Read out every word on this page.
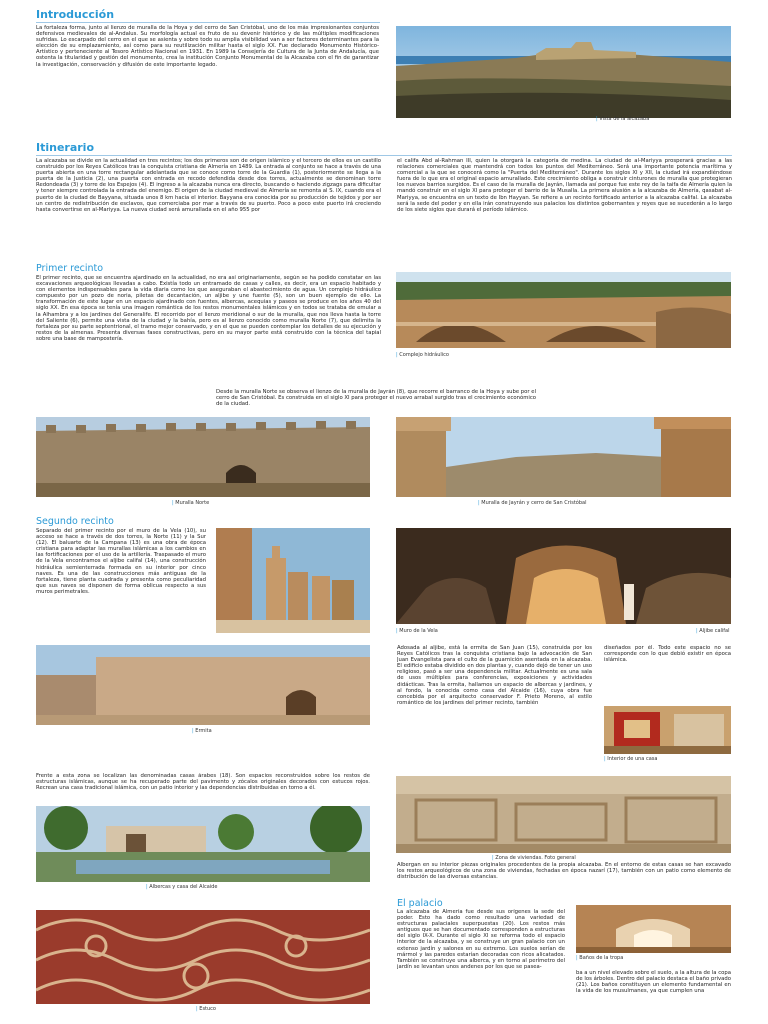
Introducción
La fortaleza forma, junto al lienzo de muralla de la Hoya y del cerro de San Cristóbal, uno de los más impresionantes conjuntos defensivos medievales de al-Andalus. Su morfología actual es fruto de su devenir histórico y de las múltiples modificaciones sufridas. Lo escarpado del cerro en el que se asienta y sobre todo su amplia visibilidad van a ser factores determinantes para la elección de su emplazamiento, así como para su reutilización militar hasta el siglo XX. Fue declarado Monumento Histórico-Artístico y perteneciente al Tesoro Artístico Nacional en 1931. En 1989 la Consejería de Cultura de la Junta de Andalucía, que ostenta la titularidad y gestión del monumento, crea la institución Conjunto Monumental de la Alcazaba con el fin de garantizar la investigación, conservación y difusión de este importante legado.
| Vista de la alcazaba
Itinerario
La alcazaba se divide en la actualidad en tres recintos; los dos primeros son de origen islámico y el tercero de ellos es un castillo construido por los Reyes Católicos tras la conquista cristiana de Almería en 1489. La entrada al conjunto se hace a través de una puerta abierta en una torre rectangular adelantada que se conoce como torre de la Guardia (1), posteriormente se llega a la puerta de la Justicia (2), una puerta con entrada en recodo defendida desde dos torres, actualmente se denominan torre Redondeada (3) y torre de los Espejos (4). El ingreso a la alcazaba nunca era directo, buscando o haciendo zigzags para dificultar y tener siempre controlada la entrada del enemigo. El origen de la ciudad medieval de Almería se remonta al S. IX, cuando era el puerto de la ciudad de Bayyana, situada unos 8 km hacia el interior. Bayyana era conocida por su producción de tejidos y por ser un centro de redistribución de esclavos, que comerciaba por mar a través de su puerto. Poco a poco este puerto irá creciendo hasta convertirse en al-Mariyya. La nueva ciudad será amurallada en el año 955 por
el califa Abd al-Rahman III, quien la otorgará la categoría de medina. La ciudad de al-Mariyya prosperará gracias a las relaciones comerciales que mantendrá con todos los puntos del Mediterráneo. Será una importante potencia marítima y comercial a la que se conocerá como la "Puerta del Mediterráneo". Durante los siglos XI y XII, la ciudad irá expandiéndose fuera de lo que era el original espacio amurallado. Este crecimiento obliga a construir cinturones de muralla que protegieran los nuevos barrios surgidos. Es el caso de la muralla de Jayrán, llamada así porque fue este rey de la taifa de Almería quien la mandó construir en el siglo XI para proteger el barrio de la Musalla. La primera alusión a la alcazaba de Almería, qasabat al-Mariyya, se encuentra en un texto de Ibn Hayyan. Se refiere a un recinto fortificado anterior a la alcazaba califal. La alcazaba será la sede del poder y en ella irán construyendo sus palacios los distintos gobernantes y reyes que se sucederán a lo largo de los siete siglos que durará el período islámico.
Primer recinto
El primer recinto, que se encuentra ajardinado en la actualidad, no era así originariamente, según se ha podido constatar en las excavaciones arqueológicas llevadas a cabo. Existía todo un entramado de casas y calles, es decir, era un espacio habitado y con elementos indispensables para la vida diaria como los que aseguraban el abastecimiento de agua. Un complejo hidráulico compuesto por un pozo de noria, piletas de decantación, un aljibe y une fuente (5), son un buen ejemplo de ello. La transformación de este lugar en un espacio ajardinado con fuentes, albercas, acequias y paseos se produce en los años 40 del siglo XX. En esa época se tenía una imagen romántica de los restos monumentales islámicos y en todos se trataba de emular a la Alhambra y a los jardines del Generalife. El recorrido por el lienzo meridional o sur de la muralla, que nos lleva hasta la torre del Saliente (6), permite una vista de la ciudad y la bahía, pero es al lienzo conocido como muralla Norte (7), que delimita la fortaleza por su parte septentrional, el tramo mejor conservado, y en el que se pueden contemplar los detalles de su ejecución y restos de la almenas. Presenta diversas fases constructivas, pero en su mayor parte está construido con la técnica del tapial sobre una base de mampostería.
| Complejo hidráulico
Desde la muralla Norte se observa el lienzo de la muralla de Jayrán (8), que recorre el barranco de la Hoya y sube por el cerro de San Cristóbal. Es construida en el siglo XI para proteger el nuevo arrabal surgido tras el crecimiento económico de la ciudad.
| Muralla Norte	| Muralla de Jayrán y cerro de San Cristóbal
Segundo recinto
Separado del primer recinto por el muro de la Vela (10), su acceso se hace a través de dos torres, la Norte (11) y la Sur (12). El baluarte de la Campana (13) es una obra de época cristiana para adaptar las murallas islámicas a los cambios en las fortificaciones por el uso de la artillería. Traspasado el muro de la Vela encontramos el aljibe califal (14), una construcción hidráulica semienterrada formada en su interior por cinco naves. Es una de las construcciones más antiguas de la fortaleza, tiene planta cuadrada y presenta como peculiaridad que sus naves se disponen de forma oblicua respecto a sus muros perimetrales.
| Muro de la Vela	| Aljibe califal
| Ermita
Adosada al aljibe, está la ermita de San Juan (15), construida por los Reyes Católicos tras la conquista cristiana bajo la advocación de San Juan Evangelista para el culto de la guarnición asentada en la alcazaba. El edificio estaba dividido en dos plantas y, cuando dejó de tener un uso religioso, pasó a ser una dependencia militar. Actualmente es una sala de usos múltiples para conferencias, exposiciones y actividades didácticas. Tras la ermita, hallamos un espacio de albercas y jardines, y al fondo, la conocida como casa del Alcaide (16), cuya obra fue concebida por el arquitecto conservador F. Prieto Moreno, al estilo romántico de los jardines del primer recinto, también
diseñados por él. Todo este espacio no se corresponde con lo que debió existir en época islámica.
| Interior de una casa
Frente a esta zona se localizan las denominadas casas árabes (18). Son espacios reconstruidos sobre los restos de estructuras islámicas, aunque se ha recuperado parte del pavimento y zócalos originales decorados con estucos rojos. Recrean una casa tradicional islámica, con un patio interior y las dependencias distribuidas en torno a él.
| Zona de viviendas. Foto general
| Albercas y casa del Alcaide
Albergan en su interior piezas originales procedentes de la propia alcazaba. En el entorno de estas casas se han excavado los restos arqueológicos de una zona de viviendas, fechadas en época nazarí (17), también con un patio como elemento de distribución de las diversas estancias.
El palacio
La alcazaba de Almería fue desde sus orígenes la sede del poder. Esto ha dado como resultado una variedad de estructuras palaciales superpuestas (20). Los restos más antiguos que se han documentado corresponden a estructuras del siglo IX-X. Durante el siglo XI se reforma todo el espacio interior de la alcazaba, y se construye un gran palacio con un extenso jardín y salones en su extremo. Los suelos serían de mármol y las paredes estarían decoradas con ricos alicatados. También se construye una alberca, y en torno al perímetro del jardín se levantan unos andenes por los que se pasea-
| Baños de la tropa
ba a un nivel elevado sobre el suelo, a la altura de la copa de los árboles. Dentro del palacio destaca el baño privado (21). Los baños constituyen un elemento fundamental en la vida de los musulmanes, ya que cumplen una
| Estuco
